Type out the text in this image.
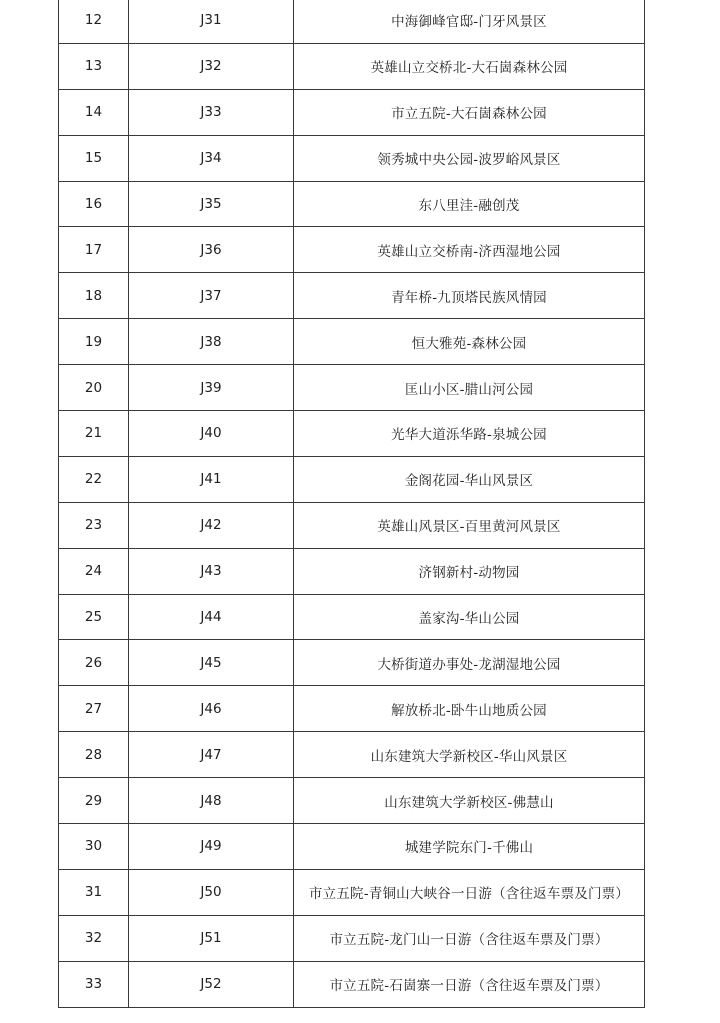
12	J31	中海御峰官邸-门牙风景区
13	J32	英雄山立交桥北-大石崮森林公园
14	J33	市立五院-大石崮森林公园
15	J34	领秀城中央公园-波罗峪风景区
16	J35	东八里洼-融创茂
17	J36	英雄山立交桥南-济西湿地公园
18	J37	青年桥-九顶塔民族风情园
19	J38	恒大雅苑-森林公园
20	J39	匡山小区-腊山河公园
21	J40	光华大道泺华路-泉城公园
22	J41	金阁花园-华山风景区
23	J42	英雄山风景区-百里黄河风景区
24	J43	济钢新村-动物园
25	J44	盖家沟-华山公园
26	J45	大桥街道办事处-龙湖湿地公园
27	J46	解放桥北-卧牛山地质公园
28	J47	山东建筑大学新校区-华山风景区
29	J48	山东建筑大学新校区-佛慧山
30	J49	城建学院东门-千佛山
31	J50	市立五院-青铜山大峡谷一日游（含往返车票及门票）
32	J51	市立五院-龙门山一日游（含往返车票及门票）
33	J52	市立五院-石崮寨一日游（含往返车票及门票）
